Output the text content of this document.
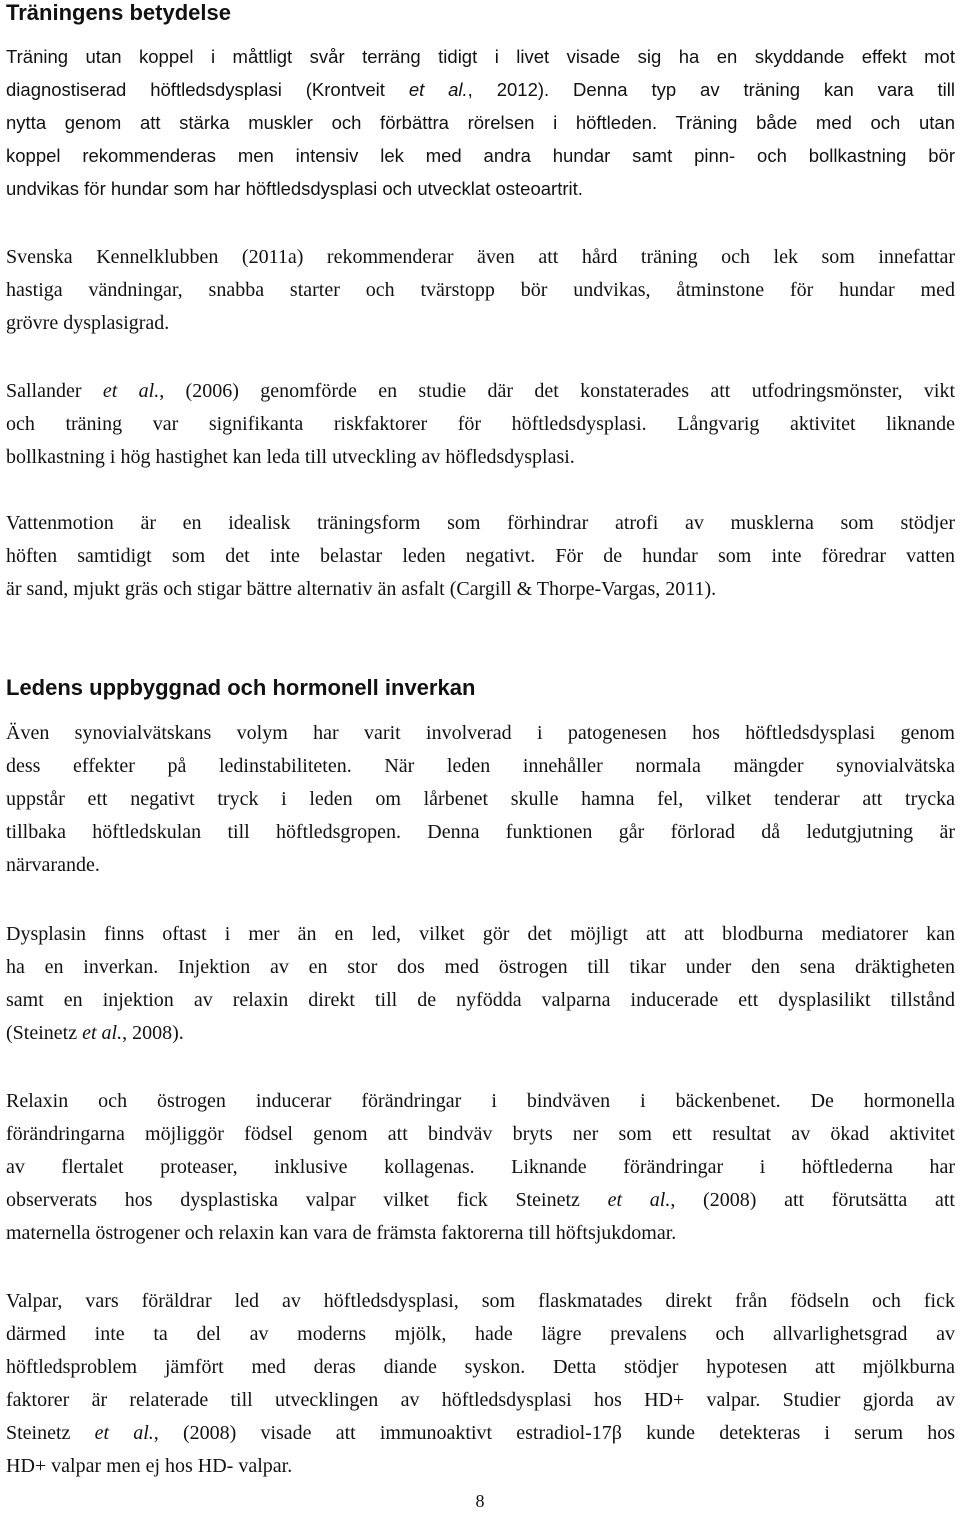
Träningens betydelse
Träning utan koppel i måttligt svår terräng tidigt i livet visade sig ha en skyddande effekt mot
diagnostiserad höftledsdysplasi (Krontveit et al., 2012). Denna typ av träning kan vara till
nytta genom att stärka muskler och förbättra rörelsen i höftleden. Träning både med och utan
koppel rekommenderas men intensiv lek med andra hundar samt pinn- och bollkastning bör
undvikas för hundar som har höftledsdysplasi och utvecklat osteoartrit.
Svenska Kennelklubben (2011a) rekommenderar även att hård träning och lek som innefattar
hastiga vändningar, snabba starter och tvärstopp bör undvikas, åtminstone för hundar med
grövre dysplasigrad.
Sallander et al., (2006) genomförde en studie där det konstaterades att utfodringsmönster, vikt
och träning var signifikanta riskfaktorer för höftledsdysplasi. Långvarig aktivitet liknande
bollkastning i hög hastighet kan leda till utveckling av höfledsdysplasi.
Vattenmotion är en idealisk träningsform som förhindrar atrofi av musklerna som stödjer
höften samtidigt som det inte belastar leden negativt. För de hundar som inte föredrar vatten
är sand, mjukt gräs och stigar bättre alternativ än asfalt (Cargill & Thorpe-Vargas, 2011).
Ledens uppbyggnad och hormonell inverkan
Även synovialvätskans volym har varit involverad i patogenesen hos höftledsdysplasi genom
dess effekter på ledinstabiliteten. När leden innehåller normala mängder synovialvätska
uppstår ett negativt tryck i leden om lårbenet skulle hamna fel, vilket tenderar att trycka
tillbaka höftledskulan till höftledsgropen. Denna funktionen går förlorad då ledutgjutning är
närvarande.
Dysplasin finns oftast i mer än en led, vilket gör det möjligt att att blodburna mediatorer kan
ha en inverkan. Injektion av en stor dos med östrogen till tikar under den sena dräktigheten
samt en injektion av relaxin direkt till de nyfödda valparna inducerade ett dysplasilikt tillstånd
(Steinetz et al., 2008).
Relaxin och östrogen inducerar förändringar i bindväven i bäckenbenet. De hormonella
förändringarna möjliggör födsel genom att bindväv bryts ner som ett resultat av ökad aktivitet
av flertalet proteaser, inklusive kollagenas. Liknande förändringar i höftlederna har
observerats hos dysplastiska valpar vilket fick Steinetz et al., (2008) att förutsätta att
maternella östrogener och relaxin kan vara de främsta faktorerna till höftsjukdomar.
Valpar, vars föräldrar led av höftledsdysplasi, som flaskmatades direkt från födseln och fick
därmed inte ta del av moderns mjölk, hade lägre prevalens och allvarlighetsgrad av
höftledsproblem jämfört med deras diande syskon. Detta stödjer hypotesen att mjölkburna
faktorer är relaterade till utvecklingen av höftledsdysplasi hos HD+ valpar. Studier gjorda av
Steinetz et al., (2008) visade att immunoaktivt estradiol-17β kunde detekteras i serum hos
HD+ valpar men ej hos HD- valpar.
8
